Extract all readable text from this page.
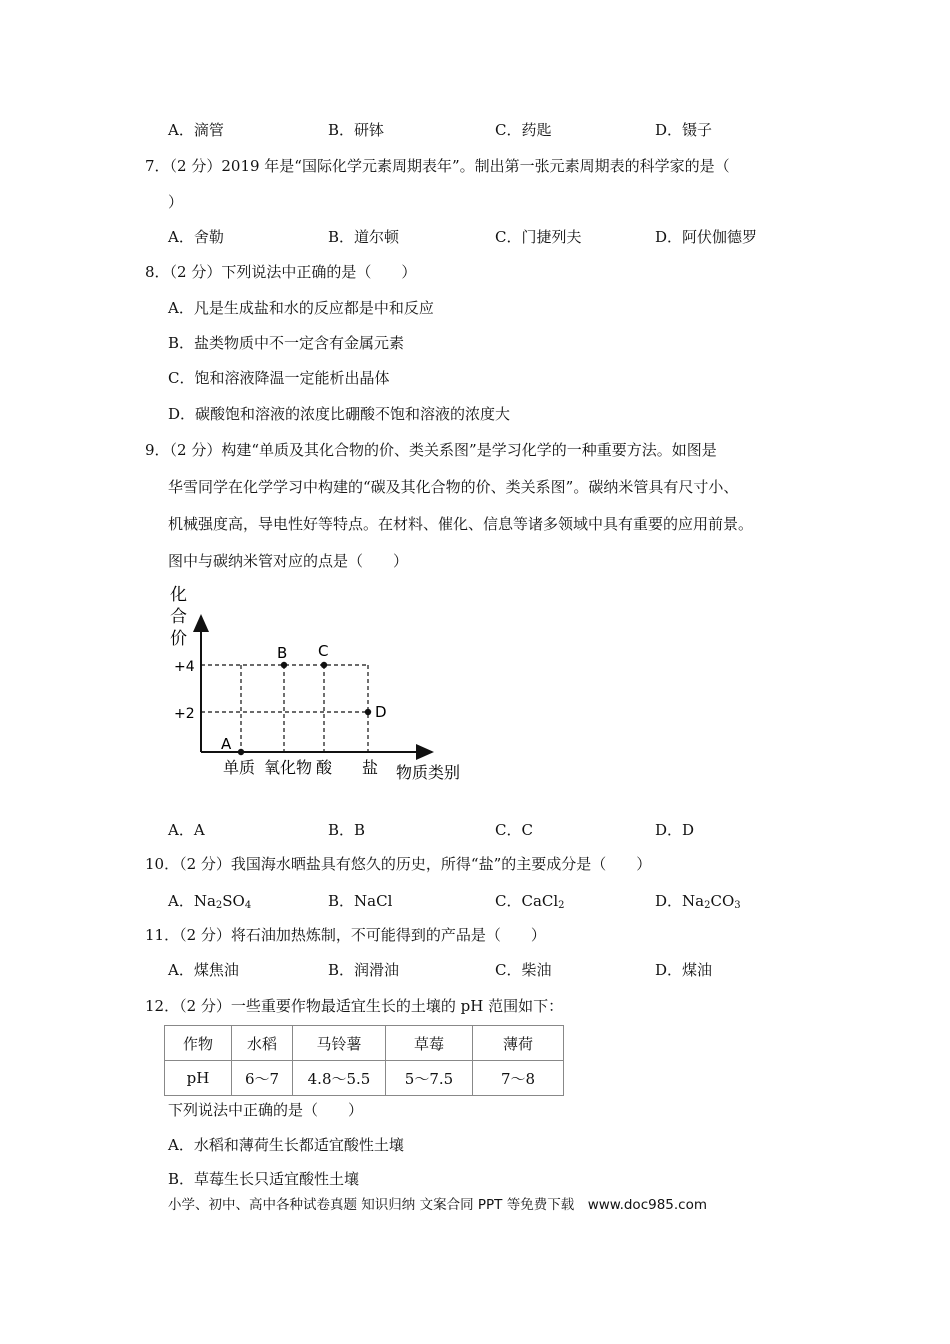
A．滴管	B．研钵	C．药匙	D．镊子
7．（2 分）2019 年是“国际化学元素周期表年”。制出第一张元素周期表的科学家的是（
）
A．舍勒	B．道尔顿	C．门捷列夫	D．阿伏伽德罗
8．（2 分）下列说法中正确的是（　　）
A．凡是生成盐和水的反应都是中和反应
B．盐类物质中不一定含有金属元素
C．饱和溶液降温一定能析出晶体
D．碳酸饱和溶液的浓度比硼酸不饱和溶液的浓度大
9．（2 分）构建“单质及其化合物的价、类关系图”是学习化学的一种重要方法。如图是
华雪同学在化学学习中构建的“碳及其化合物的价、类关系图”。碳纳米管具有尺寸小、
机械强度高，导电性好等特点。在材料、催化、信息等诸多领域中具有重要的应用前景。
图中与碳纳米管对应的点是（　　）
化
合
价
+4
+2
A
B C
D
单质 氧化物 酸 盐 物质类别
A．A	B．B	C．C	D．D
10．（2 分）我国海水晒盐具有悠久的历史，所得“盐”的主要成分是（　　）
A．$Na_2SO_4$	B．NaCl	C．CaCl$_2$	D．$Na_2CO_3$
11．（2 分）将石油加热炼制，不可能得到的产品是（　　）
A．煤焦油	B．润滑油	C．柴油	D．煤油
12．（2 分）一些重要作物最适宜生长的土壤的 pH 范围如下：
作物	水稻	马铃薯	草莓	薄荷
pH	6～7	4.8～5.5	5～7.5	7～8
下列说法中正确的是（　　）
A．水稻和薄荷生长都适宜酸性土壤
B．草莓生长只适宜酸性土壤
小学、初中、高中各种试卷真题 知识归纳 文案合同 PPT 等免费下载　www.doc985.com
